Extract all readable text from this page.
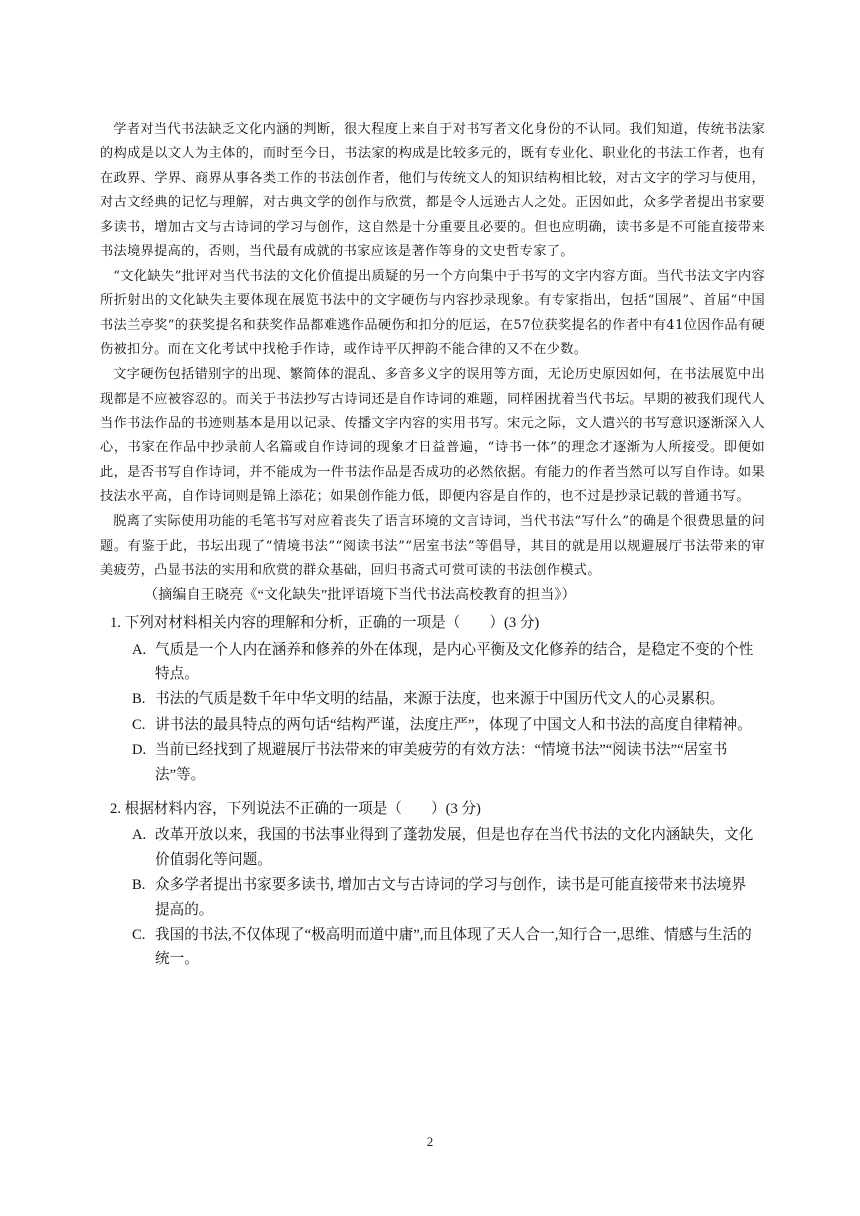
学者对当代书法缺乏文化内涵的判断，很大程度上来自于对书写者文化身份的不认同。我们知道，传统书法家的构成是以文人为主体的，而时至今日，书法家的构成是比较多元的，既有专业化、职业化的书法工作者，也有在政界、学界、商界从事各类工作的书法创作者，他们与传统文人的知识结构相比较，对古文字的学习与使用，对古文经典的记忆与理解，对古典文学的创作与欣赏，都是令人远逊古人之处。正因如此，众多学者提出书家要多读书，增加古文与古诗词的学习与创作，这自然是十分重要且必要的。但也应明确，读书多是不可能直接带来书法境界提高的，否则，当代最有成就的书家应该是著作等身的文史哲专家了。

“文化缺失”批评对当代书法的文化价值提出质疑的另一个方向集中于书写的文字内容方面。当代书法文字内容所折射出的文化缺失主要体现在展览书法中的文字硬伤与内容抄录现象。有专家指出，包括“国展”、首届“中国书法兰亭奖”的获奖提名和获奖作品都难逃作品硬伤和扣分的厄运，在57位获奖提名的作者中有41位因作品有硬伤被扣分。而在文化考试中找枪手作诗，或作诗平仄押韵不能合律的又不在少数。

文字硬伤包括错别字的出现、繁简体的混乱、多音多义字的误用等方面，无论历史原因如何，在书法展览中出现都是不应被容忍的。而关于书法抄写古诗词还是自作诗词的难题，同样困扰着当代书坛。早期的被我们现代人当作书法作品的书迹则基本是用以记录、传播文字内容的实用书写。宋元之际，文人遣兴的书写意识逐渐深入人心，书家在作品中抄录前人名篇或自作诗词的现象才日益普遍，“诗书一体”的理念才逐渐为人所接受。即便如此，是否书写自作诗词，并不能成为一件书法作品是否成功的必然依据。有能力的作者当然可以写自作诗。如果技法水平高，自作诗词则是锦上添花；如果创作能力低，即便内容是自作的，也不过是抄录记载的普通书写。

脱离了实际使用功能的毛笔书写对应着丧失了语言环境的文言诗词，当代书法“写什么”的确是个很费思量的问题。有鉴于此，书坛出现了“情境书法”“阅读书法”“居室书法”等倡导，其目的就是用以规避展厅书法带来的审美疲劳，凸显书法的实用和欣赏的群众基础，回归书斋式可赏可读的书法创作模式。

（摘编自王晓亮《“文化缺失”批评语境下当代书法高校教育的担当》）

1. 下列对材料相关内容的理解和分析，正确的一项是（　　）(3 分)

A. 气质是一个人内在涵养和修养的外在体现，是内心平衡及文化修养的结合，是稳定不变的个性特点。
B. 书法的气质是数千年中华文明的结晶，来源于法度，也来源于中国历代文人的心灵累积。
C. 讲书法的最具特点的两句话“结构严谨，法度庄严”，体现了中国文人和书法的高度自律精神。
D. 当前已经找到了规避展厅书法带来的审美疲劳的有效方法：“情境书法”“阅读书法”“居室书法”等。

2. 根据材料内容，下列说法不正确的一项是（　　）(3 分)

A. 改革开放以来，我国的书法事业得到了蓬勃发展，但是也存在当代书法的文化内涵缺失，文化价值弱化等问题。
B. 众多学者提出书家要多读书, 增加古文与古诗词的学习与创作，读书是可能直接带来书法境界提高的。
C. 我国的书法,不仅体现了“极高明而道中庸”,而且体现了天人合一,知行合一,思维、情感与生活的统一。
2
